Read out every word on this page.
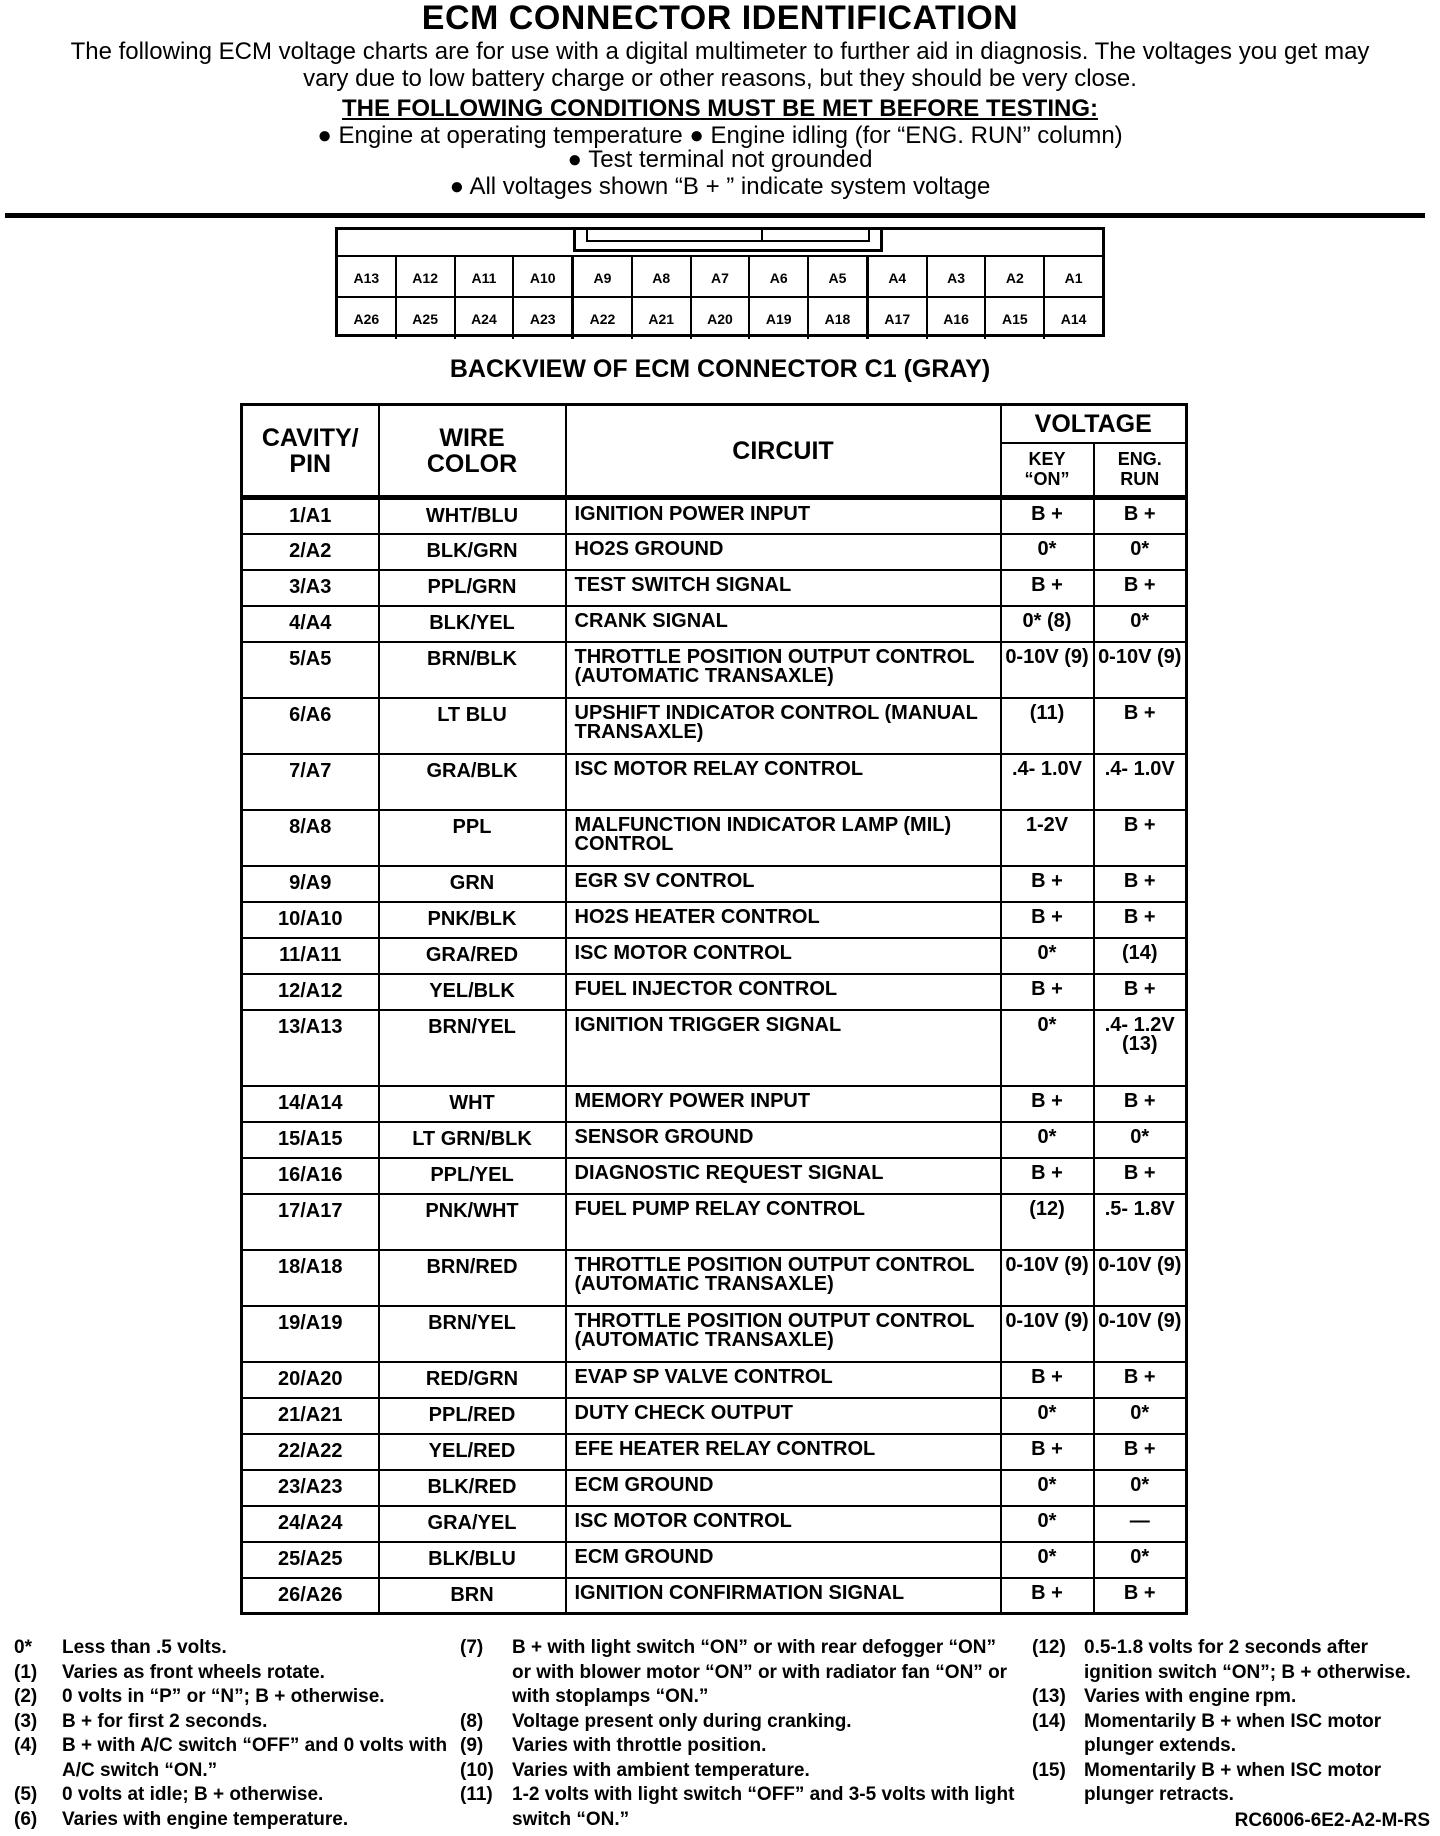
ECM CONNECTOR IDENTIFICATION
The following ECM voltage charts are for use with a digital multimeter to further aid in diagnosis. The voltages you get may vary due to low battery charge or other reasons, but they should be very close.
THE FOLLOWING CONDITIONS MUST BE MET BEFORE TESTING:
● Engine at operating temperature ● Engine idling (for “ENG. RUN” column)
● Test terminal not grounded
● All voltages shown “B + ” indicate system voltage
A13	A12	A11	A10	A9	A8	A7	A6	A5	A4	A3	A2	A1
A26	A25	A24	A23	A22	A21	A20	A19	A18	A17	A16	A15	A14
BACKVIEW OF ECM CONNECTOR C1 (GRAY)
CAVITY/ PIN	WIRE COLOR	CIRCUIT	VOLTAGE	
			KEY “ON”	ENG. RUN
1/A1	WHT/BLU	IGNITION POWER INPUT	B +	B +
2/A2	BLK/GRN	HO2S GROUND	0*	0*
3/A3	PPL/GRN	TEST SWITCH SIGNAL	B +	B +
4/A4	BLK/YEL	CRANK SIGNAL	0* (8)	0*
5/A5	BRN/BLK	THROTTLE POSITION OUTPUT CONTROL (AUTOMATIC TRANSAXLE)	0-10V (9)	0-10V (9)
6/A6	LT BLU	UPSHIFT INDICATOR CONTROL (MANUAL TRANSAXLE)	(11)	B +
7/A7	GRA/BLK	ISC MOTOR RELAY CONTROL	.4- 1.0V	.4- 1.0V
8/A8	PPL	MALFUNCTION INDICATOR LAMP (MIL) CONTROL	1-2V	B +
9/A9	GRN	EGR SV CONTROL	B +	B +
10/A10	PNK/BLK	HO2S HEATER CONTROL	B +	B +
11/A11	GRA/RED	ISC MOTOR CONTROL	0*	(14)
12/A12	YEL/BLK	FUEL INJECTOR CONTROL	B +	B +
13/A13	BRN/YEL	IGNITION TRIGGER SIGNAL	0*	.4- 1.2V (13)
14/A14	WHT	MEMORY POWER INPUT	B +	B +
15/A15	LT GRN/BLK	SENSOR GROUND	0*	0*
16/A16	PPL/YEL	DIAGNOSTIC REQUEST SIGNAL	B +	B +
17/A17	PNK/WHT	FUEL PUMP RELAY CONTROL	(12)	.5- 1.8V
18/A18	BRN/RED	THROTTLE POSITION OUTPUT CONTROL (AUTOMATIC TRANSAXLE)	0-10V (9)	0-10V (9)
19/A19	BRN/YEL	THROTTLE POSITION OUTPUT CONTROL (AUTOMATIC TRANSAXLE)	0-10V (9)	0-10V (9)
20/A20	RED/GRN	EVAP SP VALVE CONTROL	B +	B +
21/A21	PPL/RED	DUTY CHECK OUTPUT	0*	0*
22/A22	YEL/RED	EFE HEATER RELAY CONTROL	B +	B +
23/A23	BLK/RED	ECM GROUND	0*	0*
24/A24	GRA/YEL	ISC MOTOR CONTROL	0*	—
25/A25	BLK/BLU	ECM GROUND	0*	0*
26/A26	BRN	IGNITION CONFIRMATION SIGNAL	B +	B +
0*	Less than .5 volts.
(1)	Varies as front wheels rotate.
(2)	0 volts in “P” or “N”; B + otherwise.
(3)	B + for first 2 seconds.
(4)	B + with A/C switch “OFF” and 0 volts with A/C switch “ON.”
(5)	0 volts at idle; B + otherwise.
(6)	Varies with engine temperature.
(7)	B + with light switch “ON” or with rear defogger “ON” or with blower motor “ON” or with radiator fan “ON” or with stoplamps “ON.”
(8)	Voltage present only during cranking.
(9)	Varies with throttle position.
(10) Varies with ambient temperature.
(11)	1-2 volts with light switch “OFF” and 3-5 volts with light switch “ON.”
(12) 0.5-1.8 volts for 2 seconds after ignition switch “ON”; B + otherwise.
(13) Varies with engine rpm.
(14) Momentarily B + when ISC motor plunger extends.
(15) Momentarily B + when ISC motor plunger retracts.
RC6006-6E2-A2-M-RS
